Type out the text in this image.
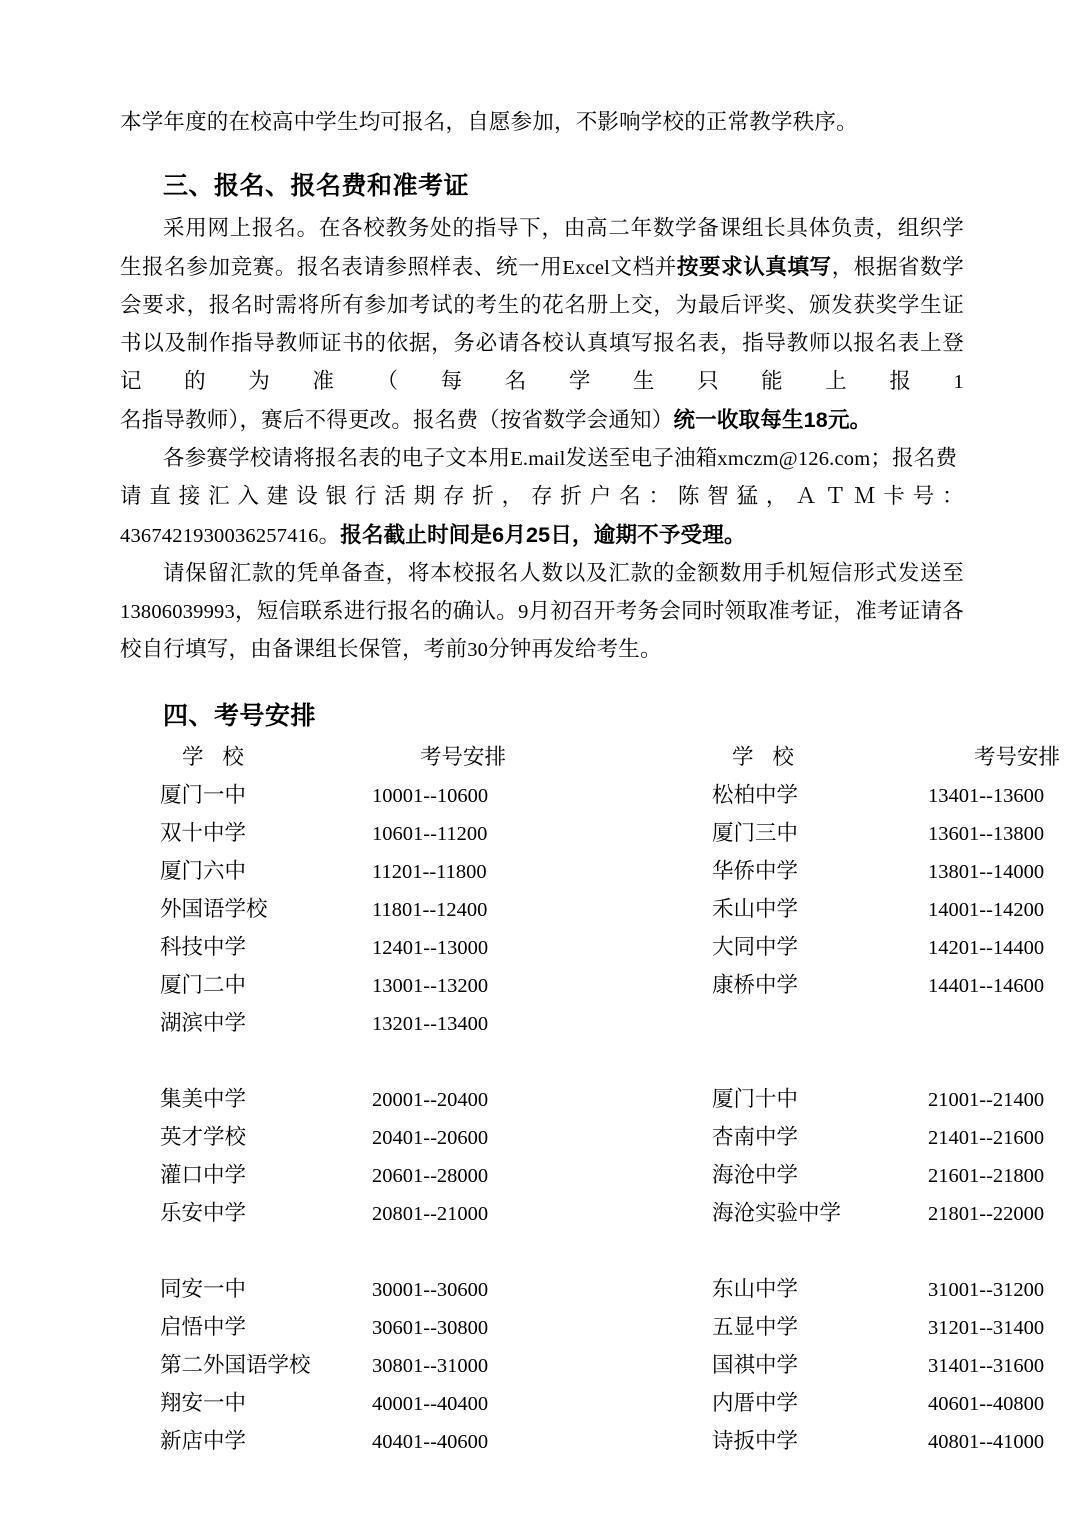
本学年度的在校高中学生均可报名，自愿参加，不影响学校的正常教学秩序。

三、报名、报名费和准考证

采用网上报名。在各校教务处的指导下，由高二年数学备课组长具体负责，组织学生报名参加竞赛。报名表请参照样表、统一用Excel文档并按要求认真填写，根据省数学会要求，报名时需将所有参加考试的考生的花名册上交，为最后评奖、颁发获奖学生证书以及制作指导教师证书的依据，务必请各校认真填写报名表，指导教师以报名表上登记的为准（每名学生只能上报1名指导教师），赛后不得更改。报名费（按省数学会通知）统一收取每生18元。

各参赛学校请将报名表的电子文本用E.mail发送至电子油箱xmczm@126.com；报名费

请 直 接 汇 入 建 设 银 行 活 期 存 折 ， 存 折 户 名 ： 陈 智 猛 ， Ａ Ｔ Ｍ 卡 号 ：

4367421930036257416。报名截止时间是6月25日，逾期不予受理。

请保留汇款的凭单备查，将本校报名人数以及汇款的金额数用手机短信形式发送至13806039993，短信联系进行报名的确认。9月初召开考务会同时领取准考证，准考证请各校自行填写，由备课组长保管，考前30分钟再发给考生。

四、考号安排
学 校	考号安排	学 校	考号安排
厦门一中	10001--10600	松柏中学	13401--13600
双十中学	10601--11200	厦门三中	13601--13800
厦门六中	11201--11800	华侨中学	13801--14000
外国语学校	11801--12400	禾山中学	14001--14200
科技中学	12401--13000	大同中学	14201--14400
厦门二中	13001--13200	康桥中学	14401--14600
湖滨中学	13201--13400		

集美中学	20001--20400	厦门十中	21001--21400
英才学校	20401--20600	杏南中学	21401--21600
灌口中学	20601--28000	海沧中学	21601--21800
乐安中学	20801--21000	海沧实验中学	21801--22000

同安一中	30001--30600	东山中学	31001--31200
启悟中学	30601--30800	五显中学	31201--31400
第二外国语学校	30801--31000	国祺中学	31401--31600
翔安一中	40001--40400	内厝中学	40601--40800
新店中学	40401--40600	诗扳中学	40801--41000
